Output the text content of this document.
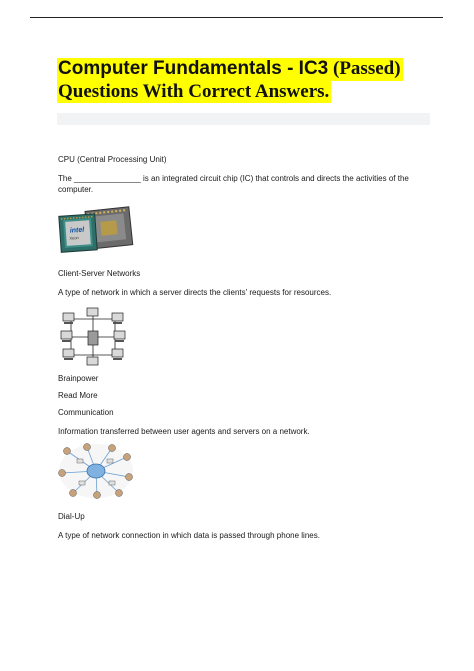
Computer Fundamentals - IC3 (Passed)
Questions With Correct Answers.
CPU (Central Processing Unit)
The _______________ is an integrated circuit chip (IC) that controls and directs the activities of the computer.
intel
Xeon
Client-Server Networks
A type of network in which a server directs the clients' requests for resources.
Brainpower
Read More
Communication
Information transferred between user agents and servers on a network.
Dial-Up
A type of network connection in which data is passed through phone lines.
